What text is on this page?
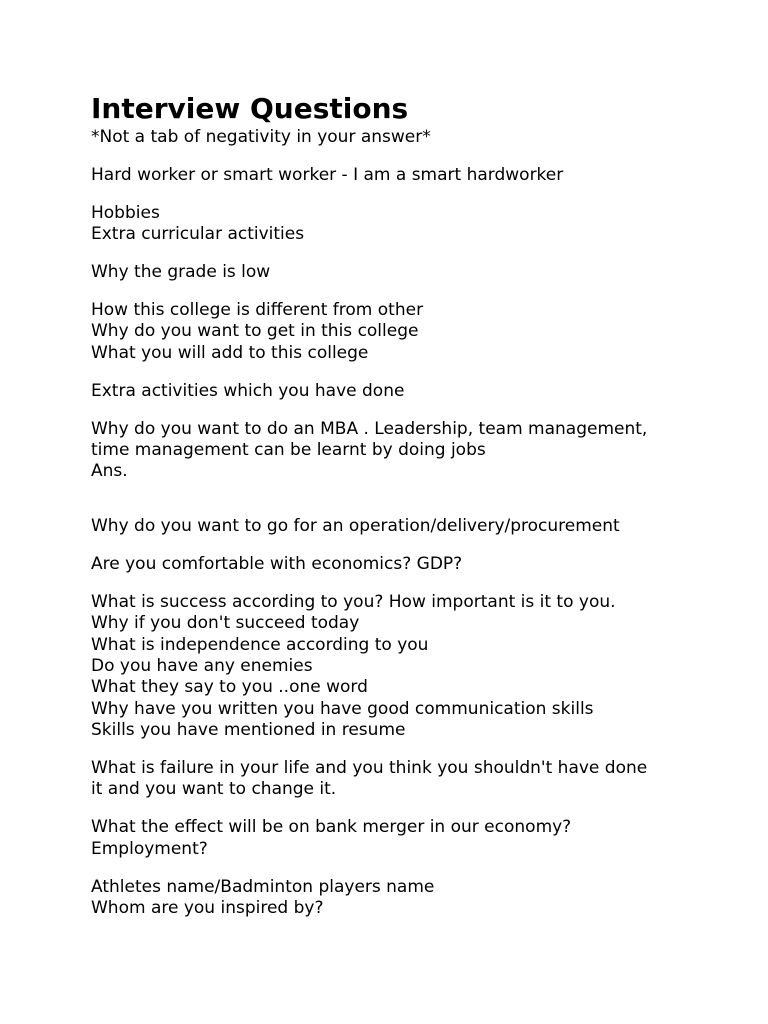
Interview Questions
*Not a tab of negativity in your answer*
Hard worker or smart worker - I am a smart hardworker
Hobbies
Extra curricular activities
Why the grade is low
How this college is different from other
Why do you want to get in this college
What you will add to this college
Extra activities which you have done
Why do you want to do an MBA . Leadership, team management,
time management can be learnt by doing jobs
Ans.
Why do you want to go for an operation/delivery/procurement
Are you comfortable with economics? GDP?
What is success according to you? How important is it to you.
Why if you don't succeed today
What is independence according to you
Do you have any enemies
What they say to you ..one word
Why have you written you have good communication skills
Skills you have mentioned in resume
What is failure in your life and you think you shouldn't have done
it and you want to change it.
What the effect will be on bank merger in our economy?
Employment?
Athletes name/Badminton players name
Whom are you inspired by?
